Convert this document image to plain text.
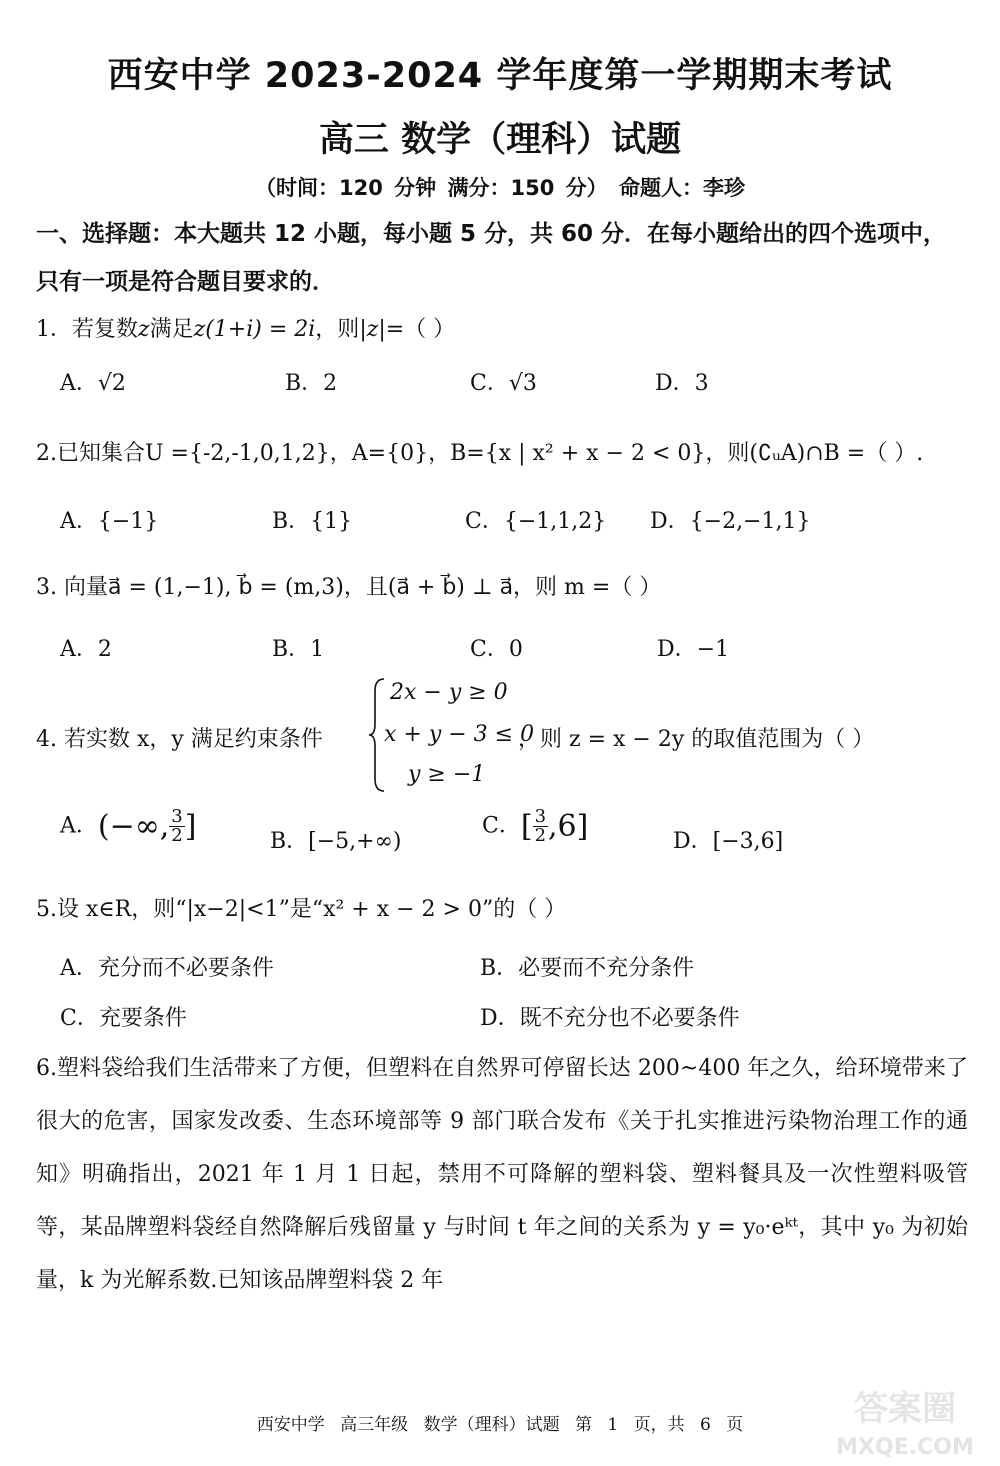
西安中学 2023-2024 学年度第一学期期末考试
高三 数学（理科）试题
（时间：120 分钟 满分：150 分） 命题人：李珍
一、选择题：本大题共 12 小题，每小题 5 分，共 60 分．在每小题给出的四个选项中，只有一项是符合题目要求的．
1．若复数z满足z(1+i) = 2i，则|z|=（ ）
A．√2	B．2	C．√3	D．3
2.已知集合U ={-2,-1,0,1,2}，A={0}，B={x | x² + x − 2 < 0}，则(∁ᵤA)∩B =（ ）.
A．{−1}	B．{1}	C．{−1,1,2} D．{−2,−1,1}
3. 向量a⃗ = (1,−1), b⃗ = (m,3)，且(a⃗ + b⃗) ⊥ a⃗，则 m =（ ）
A．2	B．1	C．0	D．−1
4. 若实数 x，y 满足约束条件
2x − y ≥ 0
x + y − 3 ≤ 0
y ≥ −1
，则 z = x − 2y 的取值范围为（ ）
A．(−∞, $\frac{3}{2}$ ]	B．[−5,+∞)
C．[ $\frac{3}{2} ,6$]	D．[−3,6]
5.设 x∈R，则“|x−2|<1”是“x² + x − 2 > 0”的（ ）
A．充分而不必要条件	B．必要而不充分条件
C．充要条件	D．既不充分也不必要条件
6.塑料袋给我们生活带来了方便，但塑料在自然界可停留长达 200~400 年之久，给环境带来了很大的危害，国家发改委、生态环境部等 9 部门联合发布《关于扎实推进污染物治理工作的通知》明确指出，2021 年 1 月 1 日起，禁用不可降解的塑料袋、塑料餐具及一次性塑料吸管等，某品牌塑料袋经自然降解后残留量 y 与时间 t 年之间的关系为 y = y₀·eᵏᵗ，其中 y₀ 为初始量，k 为光解系数.已知该品牌塑料袋 2 年
西安中学 高三年级 数学（理科）试题 第 1 页，共 6 页	答案圈
MXQE.COM
